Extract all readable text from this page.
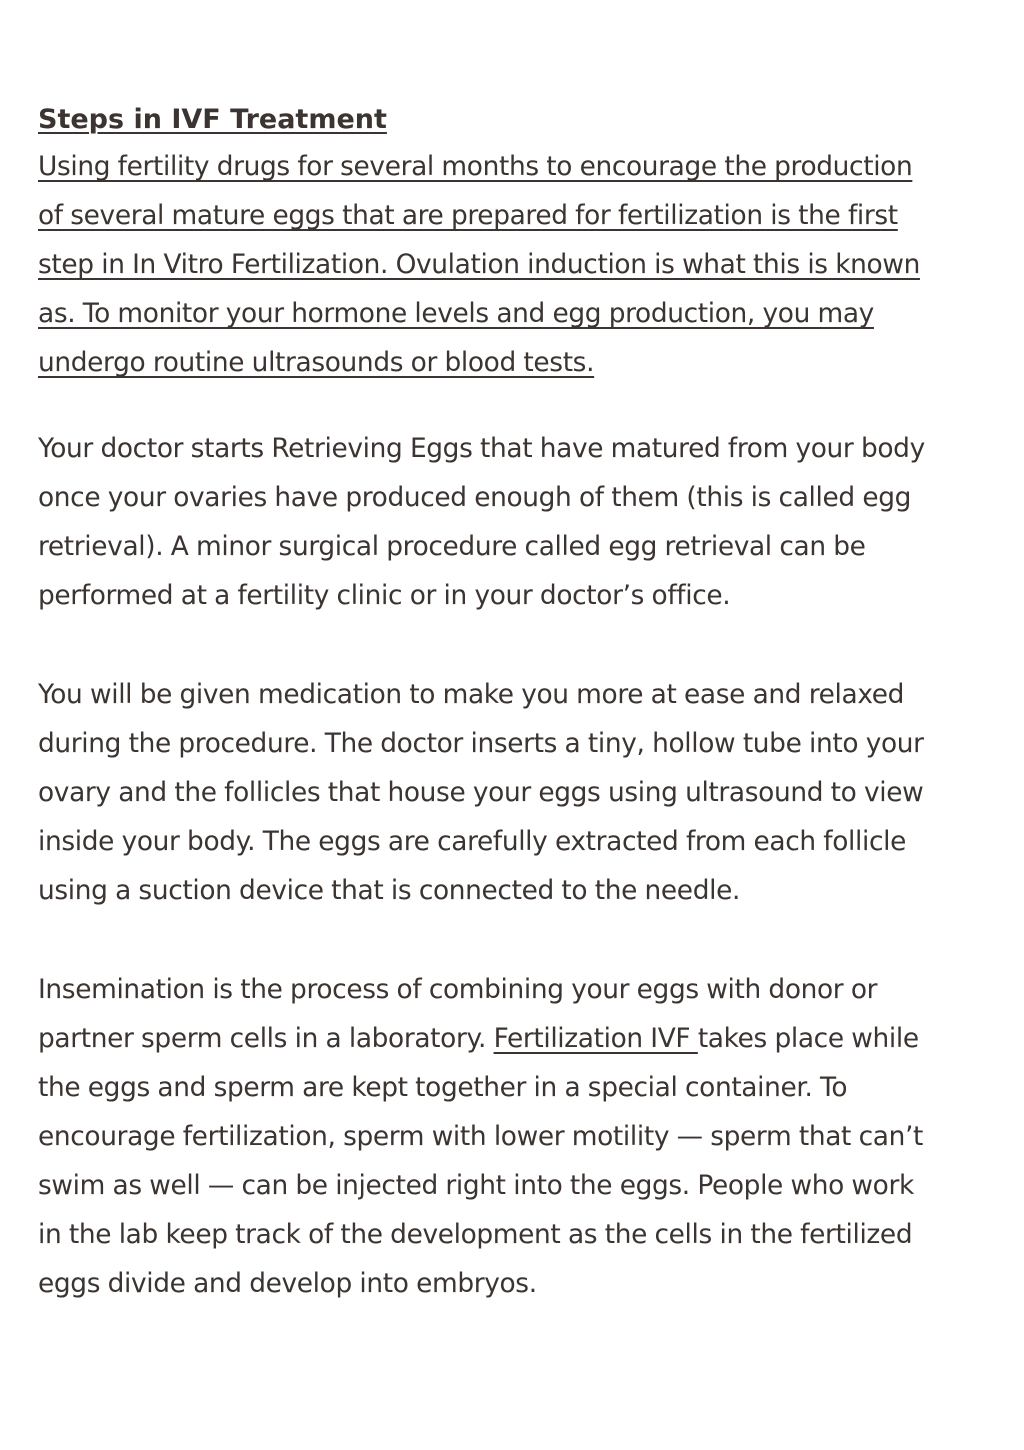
Steps in IVF Treatment

Using fertility drugs for several months to encourage the production
of several mature eggs that are prepared for fertilization is the first
step in In Vitro Fertilization. Ovulation induction is what this is known
as. To monitor your hormone levels and egg production, you may
undergo routine ultrasounds or blood tests.

Your doctor starts Retrieving Eggs that have matured from your body
once your ovaries have produced enough of them (this is called egg
retrieval). A minor surgical procedure called egg retrieval can be
performed at a fertility clinic or in your doctor’s office.

You will be given medication to make you more at ease and relaxed
during the procedure. The doctor inserts a tiny, hollow tube into your
ovary and the follicles that house your eggs using ultrasound to view
inside your body. The eggs are carefully extracted from each follicle
using a suction device that is connected to the needle.

Insemination is the process of combining your eggs with donor or
partner sperm cells in a laboratory. Fertilization IVF takes place while
the eggs and sperm are kept together in a special container. To
encourage fertilization, sperm with lower motility — sperm that can’t
swim as well — can be injected right into the eggs. People who work
in the lab keep track of the development as the cells in the fertilized
eggs divide and develop into embryos.
